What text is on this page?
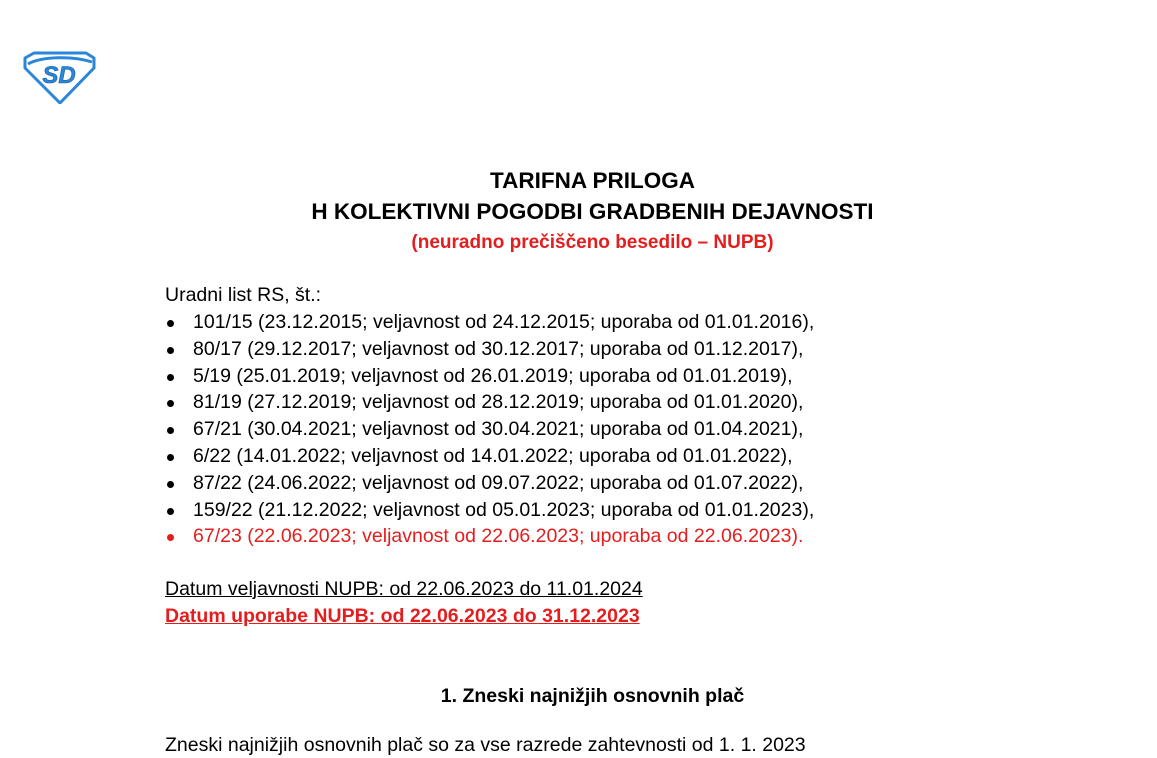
SD
TARIFNA PRILOGA
H KOLEKTIVNI POGODBI GRADBENIH DEJAVNOSTI
(neuradno prečiščeno besedilo – NUPB)
Uradni list RS, št.:
101/15 (23.12.2015; veljavnost od 24.12.2015; uporaba od 01.01.2016),
80/17 (29.12.2017; veljavnost od 30.12.2017; uporaba od 01.12.2017),
5/19 (25.01.2019; veljavnost od 26.01.2019; uporaba od 01.01.2019),
81/19 (27.12.2019; veljavnost od 28.12.2019; uporaba od 01.01.2020),
67/21 (30.04.2021; veljavnost od 30.04.2021; uporaba od 01.04.2021),
6/22 (14.01.2022; veljavnost od 14.01.2022; uporaba od 01.01.2022),
87/22 (24.06.2022; veljavnost od 09.07.2022; uporaba od 01.07.2022),
159/22 (21.12.2022; veljavnost od 05.01.2023; uporaba od 01.01.2023),
67/23 (22.06.2023; veljavnost od 22.06.2023; uporaba od 22.06.2023).
Datum veljavnosti NUPB: od 22.06.2023 do 11.01.2024
Datum uporabe NUPB: od 22.06.2023 do 31.12.2023
1. Zneski najnižjih osnovnih plač
Zneski najnižjih osnovnih plač so za vse razrede zahtevnosti od 1. 1. 2023
